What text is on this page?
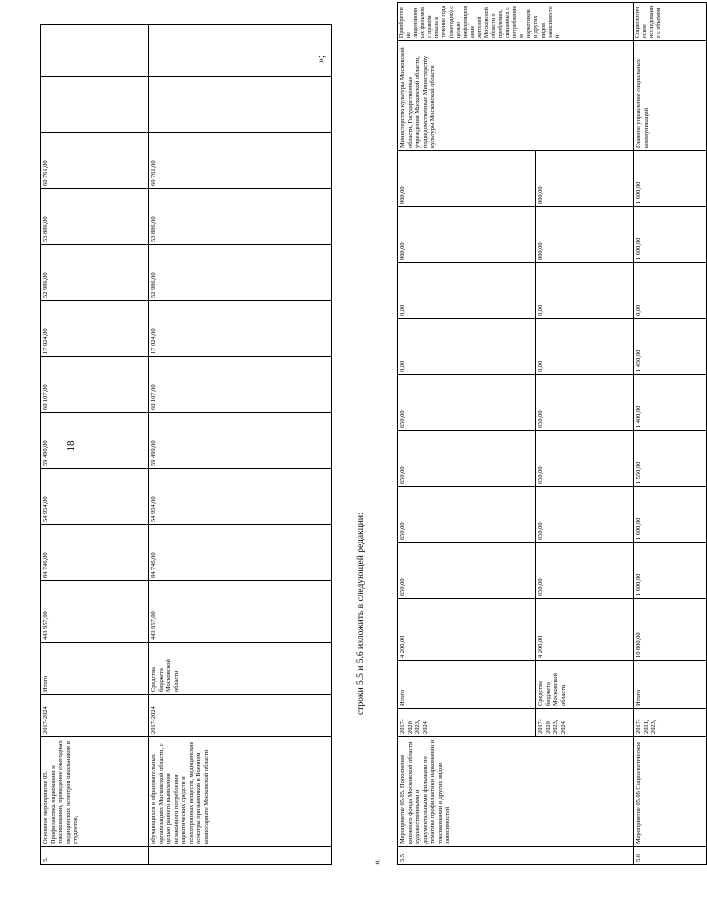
18
5.	Основное мероприятие 05. Профилактика наркомании и токсикомании, проведение ежегодных медицинских осмотров школьников и студентов,	2017-2024	Итого	443 957,00	84 746,00	54 954,00	59 490,00	60 107,00	17 024,00	52 986,00	53 886,00	60 761,00		
	обучающихся в образовательных организациях Московской области, с целью раннего выявления незаконного потребления наркотических средств и психотропных веществ, медицинские осмотры призывников в Военном комиссариате Московской области	2017-2024	Средства бюджета Московской области	443 957,00	84 746,00	54 954,00	59 490,00	60 107,00	17 024,00	52 986,00	53 886,00	60 761,00		
»;
строки 5.5 и 5.6 изложить в следующей редакции:
«
5.5	Мероприятие 05.05. Пополнение книжного фонда Московской области художественными и документальными фильмами по тематике профилактики наркомании и токсикомании и других видов зависимостей	2017-2020 2023, 2024	Итого	4 200,00	650,00	650,00	650,00	650,00	0,00	0,00	800,00	800,00	Министерство культуры Московской области, Государственные учреждения Московской области, подведомственные Министерству культуры Московской области	Приобретение лицензионных фильмов с правом показа в течение года (ежегодно) с целью информирования жителей Московской области о проблемах, связанных с потреблением наркотиков и других видов зависимостей
		2017-2020 2023, 2024	Средства бюджета Московской области	4 200,00	650,00	650,00	650,00	650,00	0,00	0,00	800,00	800,00		
5.6	Мероприятие 05.06 Социологическое	2017-2021, 2023,	Итого	10 800,00	1 600,00	1 600,00	1 550,00	1 400,00	1 450,00	0,00	1 600,00	1 600,00	Главное управление социальных коммуникаций	Социологическое исследование с объемом
